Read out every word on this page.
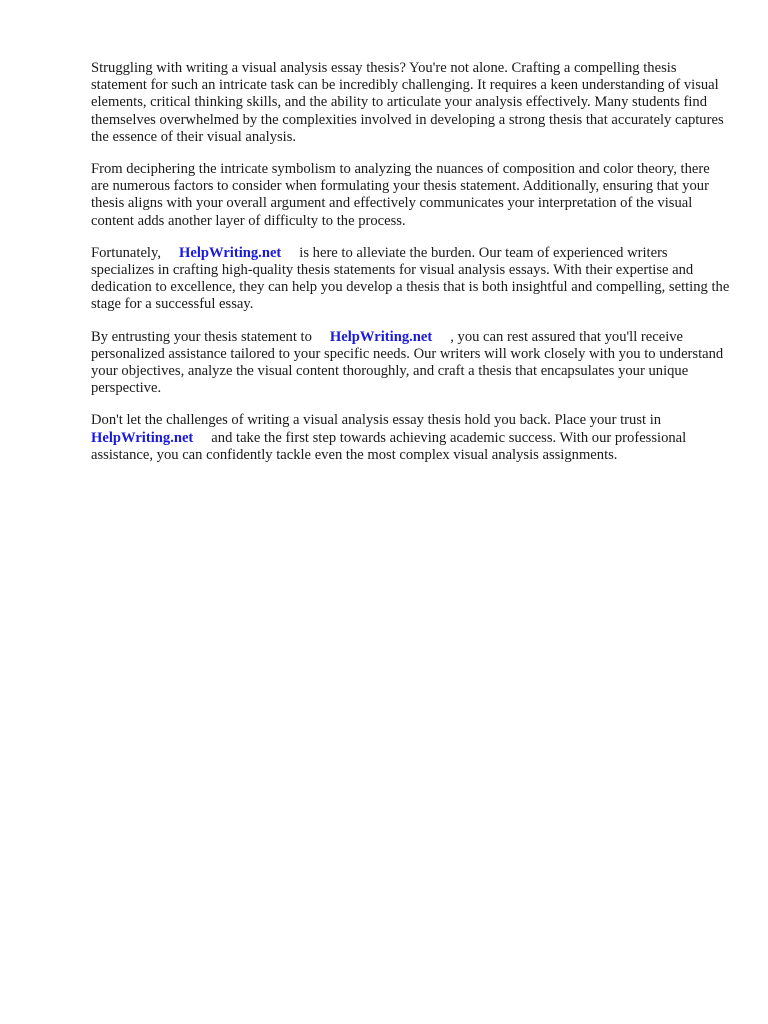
Struggling with writing a visual analysis essay thesis? You're not alone. Crafting a compelling thesis statement for such an intricate task can be incredibly challenging. It requires a keen understanding of visual elements, critical thinking skills, and the ability to articulate your analysis effectively. Many students find themselves overwhelmed by the complexities involved in developing a strong thesis that accurately captures the essence of their visual analysis.

From deciphering the intricate symbolism to analyzing the nuances of composition and color theory, there are numerous factors to consider when formulating your thesis statement. Additionally, ensuring that your thesis aligns with your overall argument and effectively communicates your interpretation of the visual content adds another layer of difficulty to the process.

Fortunately, HelpWriting.net is here to alleviate the burden. Our team of experienced writers specializes in crafting high-quality thesis statements for visual analysis essays. With their expertise and dedication to excellence, they can help you develop a thesis that is both insightful and compelling, setting the stage for a successful essay.

By entrusting your thesis statement to HelpWriting.net , you can rest assured that you'll receive personalized assistance tailored to your specific needs. Our writers will work closely with you to understand your objectives, analyze the visual content thoroughly, and craft a thesis that encapsulates your unique perspective.

Don't let the challenges of writing a visual analysis essay thesis hold you back. Place your trust in HelpWriting.net and take the first step towards achieving academic success. With our professional assistance, you can confidently tackle even the most complex visual analysis assignments.
